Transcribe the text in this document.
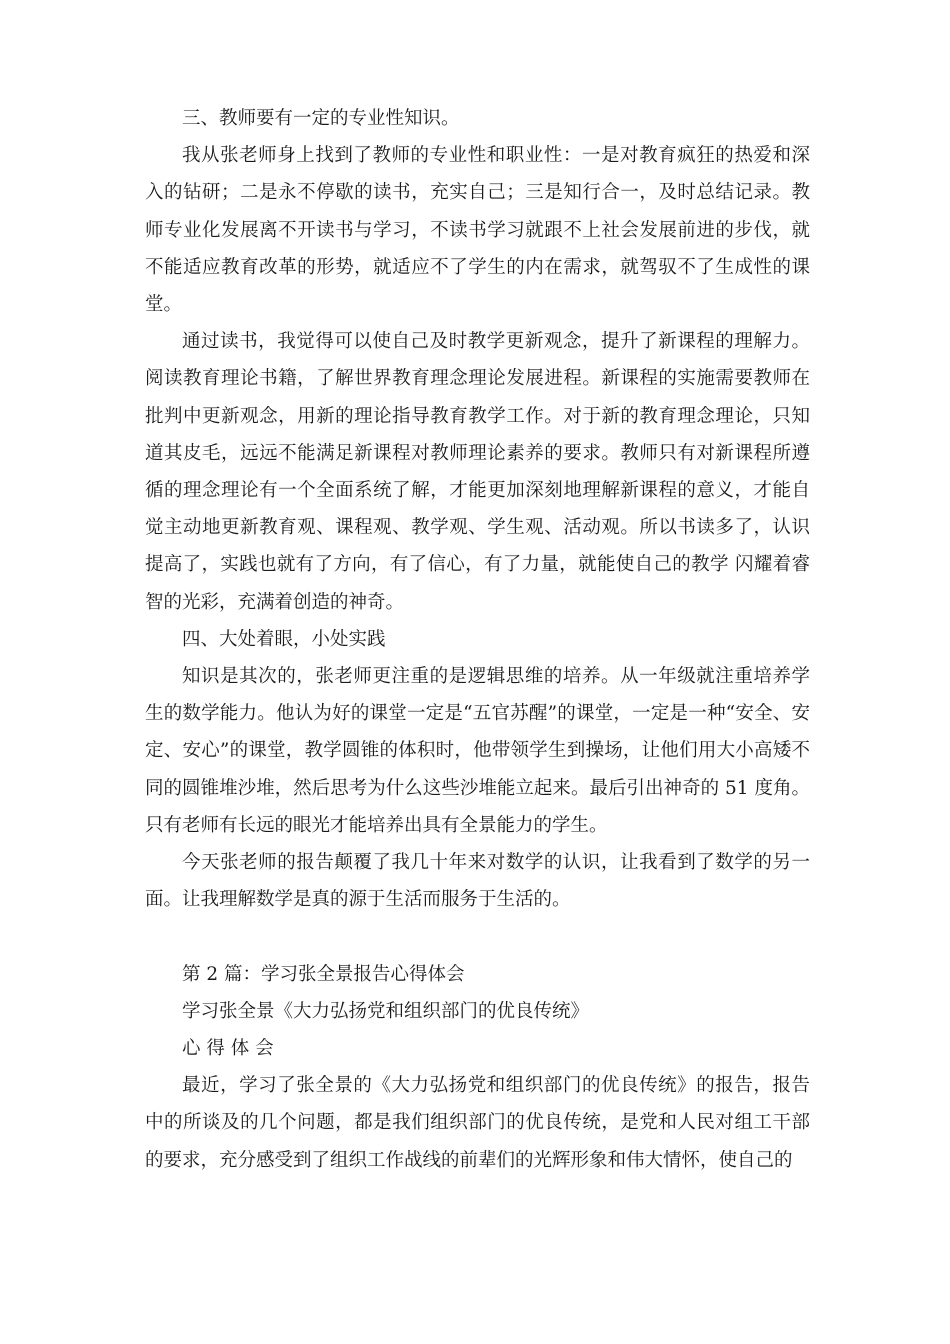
三、教师要有一定的专业性知识。

我从张老师身上找到了教师的专业性和职业性：一是对教育疯狂的热爱和深入的钻研；二是永不停歇的读书，充实自己；三是知行合一，及时总结记录。教师专业化发展离不开读书与学习，不读书学习就跟不上社会发展前进的步伐，就不能适应教育改革的形势，就适应不了学生的内在需求，就驾驭不了生成性的课堂。

通过读书，我觉得可以使自己及时教学更新观念，提升了新课程的理解力。阅读教育理论书籍，了解世界教育理念理论发展进程。新课程的实施需要教师在批判中更新观念，用新的理论指导教育教学工作。对于新的教育理念理论，只知道其皮毛，远远不能满足新课程对教师理论素养的要求。教师只有对新课程所遵循的理念理论有一个全面系统了解，才能更加深刻地理解新课程的意义，才能自觉主动地更新教育观、课程观、教学观、学生观、活动观。所以书读多了，认识提高了，实践也就有了方向，有了信心，有了力量，就能使自己的教学 闪耀着睿智的光彩，充满着创造的神奇。

四、大处着眼，小处实践

知识是其次的，张老师更注重的是逻辑思维的培养。从一年级就注重培养学生的数学能力。他认为好的课堂一定是“五官苏醒”的课堂，一定是一种“安全、安定、安心”的课堂，教学圆锥的体积时，他带领学生到操场，让他们用大小高矮不同的圆锥堆沙堆，然后思考为什么这些沙堆能立起来。最后引出神奇的 51 度角。只有老师有长远的眼光才能培养出具有全景能力的学生。

今天张老师的报告颠覆了我几十年来对数学的认识，让我看到了数学的另一面。让我理解数学是真的源于生活而服务于生活的。

第 2 篇：学习张全景报告心得体会

学习张全景《大力弘扬党和组织部门的优良传统》

心 得 体 会

最近，学习了张全景的《大力弘扬党和组织部门的优良传统》的报告，报告中的所谈及的几个问题，都是我们组织部门的优良传统，是党和人民对组工干部的要求，充分感受到了组织工作战线的前辈们的光辉形象和伟大情怀，使自己的
